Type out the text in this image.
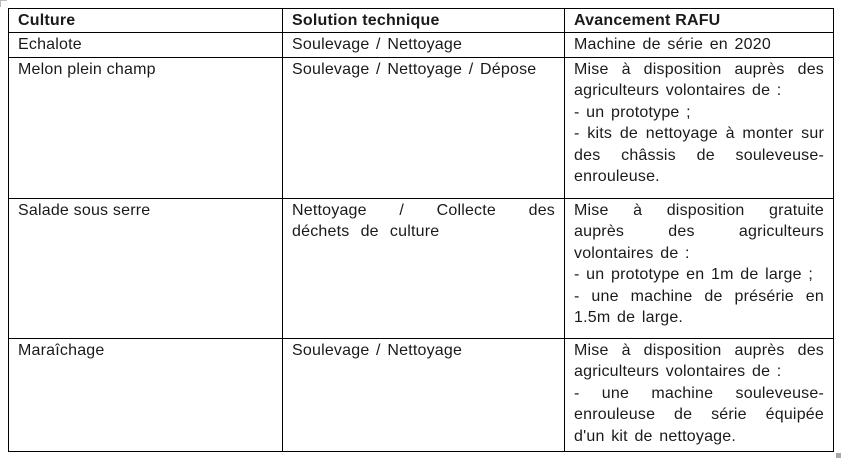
Culture	Solution technique	Avancement RAFU

Echalote	Soulevage / Nettoyage	Machine de série en 2020

Melon plein champ	Soulevage / Nettoyage / Dépose	Mise à disposition auprès des agriculteurs volontaires de :

- un prototype ;

- kits de nettoyage à monter sur des châssis de souleveuse-enrouleuse.

Salade sous serre	Nettoyage / Collecte des déchets de culture	Mise à disposition gratuite auprès des agriculteurs volontaires de :

- un prototype en 1m de large ;

- une machine de présérie en 1.5m de large.

Maraîchage	Soulevage / Nettoyage	Mise à disposition auprès des agriculteurs volontaires de :

- une machine souleveuse-enrouleuse de série équipée d'un kit de nettoyage.
